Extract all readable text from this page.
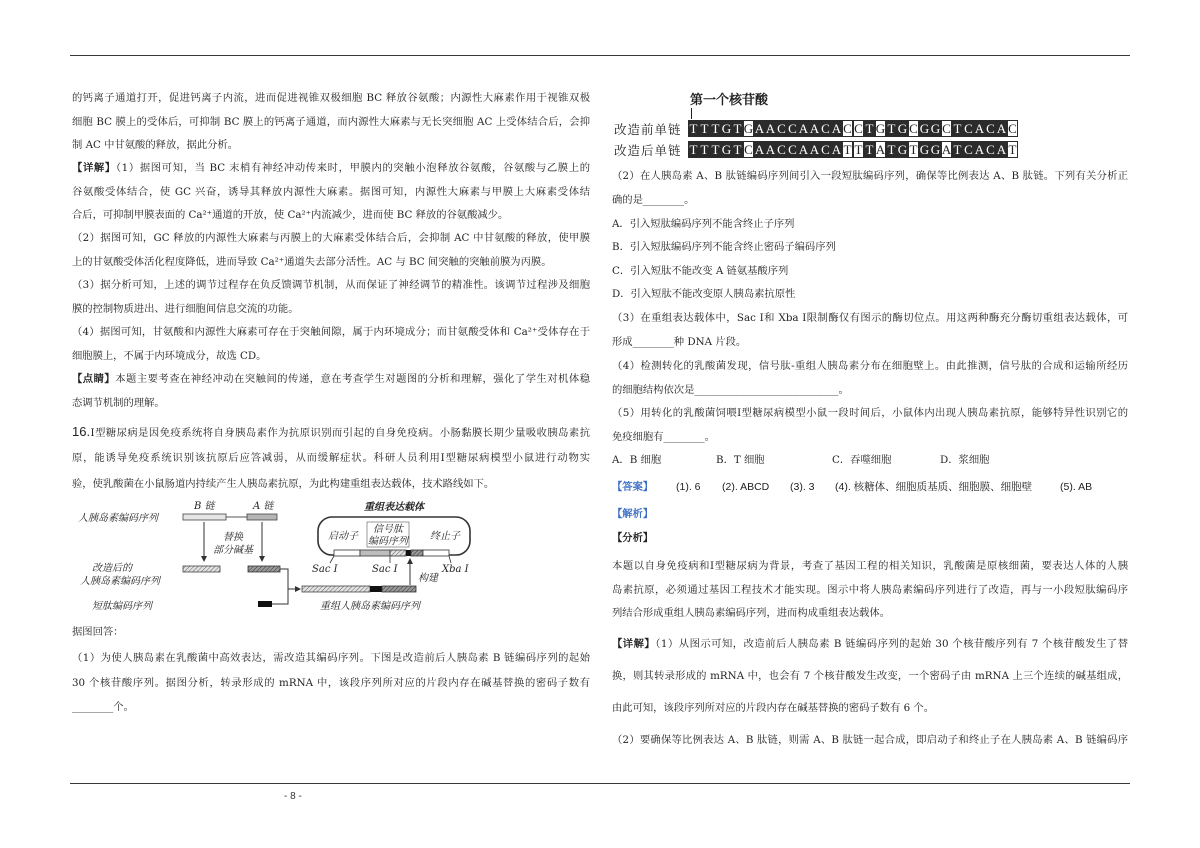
的钙离子通道打开，促进钙离子内流，进而促进视锥双极细胞 BC 释放谷氨酸；内源性大麻素作用于视锥双极
细胞 BC 膜上的受体后，可抑制 BC 膜上的钙离子通道，而内源性大麻素与无长突细胞 AC 上受体结合后，会抑
制 AC 中甘氨酸的释放，据此分析。
【详解】（1）据图可知，当 BC 末梢有神经冲动传来时，甲膜内的突触小泡释放谷氨酸，谷氨酸与乙膜上的
谷氨酸受体结合，使 GC 兴奋，诱导其释放内源性大麻素。据图可知，内源性大麻素与甲膜上大麻素受体结
合后，可抑制甲膜表面的 Ca²⁺通道的开放，使 Ca²⁺内流减少，进而使 BC 释放的谷氨酸减少。
（2）据图可知，GC 释放的内源性大麻素与丙膜上的大麻素受体结合后，会抑制 AC 中甘氨酸的释放，使甲膜
上的甘氨酸受体活化程度降低，进而导致 Ca²⁺通道失去部分活性。AC 与 BC 间突触的突触前膜为丙膜。
（3）据分析可知，上述的调节过程存在负反馈调节机制，从而保证了神经调节的精准性。该调节过程涉及细胞
膜的控制物质进出、进行细胞间信息交流的功能。
（4）据图可知，甘氨酸和内源性大麻素可存在于突触间隙，属于内环境成分；而甘氨酸受体和 Ca²⁺受体存在于
细胞膜上，不属于内环境成分，故选 CD。
【点睛】本题主要考查在神经冲动在突触间的传递，意在考查学生对题图的分析和理解，强化了学生对机体稳
态调节机制的理解。
16.Ⅰ型糖尿病是因免疫系统将自身胰岛素作为抗原识别而引起的自身免疫病。小肠黏膜长期少量吸收胰岛素抗
原，能诱导免疫系统识别该抗原后应答减弱，从而缓解症状。科研人员利用Ⅰ型糖尿病模型小鼠进行动物实
验，使乳酸菌在小鼠肠道内持续产生人胰岛素抗原，为此构建重组表达载体，技术路线如下。
人胰岛素编码序列
B 链	A 链
替换
部分碱基
改造后的
人胰岛素编码序列
短肽编码序列	重组人胰岛素编码序列
构建
重组表达载体
启动子
信号肽
编码序列 终止子
Sac Ⅰ	Sac Ⅰ	Xba Ⅰ
据图回答：
（1）为使人胰岛素在乳酸菌中高效表达，需改造其编码序列。下图是改造前后人胰岛素 B 链编码序列的起始
30 个核苷酸序列。据图分析，转录形成的 mRNA 中，该段序列所对应的片段内存在碱基替换的密码子数有
________个。
第一个核苷酸
改造前单链 T T T G T G A A C C A A C A C C T G T G C G G C T C A C A C
改造后单链 T T T G T C A A C C A A C A T T T A T G T G G A T C A C A T
（2）在人胰岛素 A、B 肽链编码序列间引入一段短肽编码序列，确保等比例表达 A、B 肽链。下列有关分析正
确的是________。
A．引入短肽编码序列不能含终止子序列
B．引入短肽编码序列不能含终止密码子编码序列
C．引入短肽不能改变 A 链氨基酸序列
D．引入短肽不能改变原人胰岛素抗原性
（3）在重组表达载体中，Sac Ⅰ和 Xba Ⅰ限制酶仅有图示的酶切位点。用这两种酶充分酶切重组表达载体，可
形成________种 DNA 片段。
（4）检测转化的乳酸菌发现，信号肽-重组人胰岛素分布在细胞壁上。由此推测，信号肽的合成和运输所经历
的细胞结构依次是____________________________。
（5）用转化的乳酸菌饲喂Ⅰ型糖尿病模型小鼠一段时间后，小鼠体内出现人胰岛素抗原，能够特异性识别它的
免疫细胞有________。
A．B 细胞	B．T 细胞	C．吞噬细胞	D．浆细胞
【答案】 (1). 6 (2). ABCD (3). 3 (4). 核糖体、细胞质基质、细胞膜、细胞壁	(5). AB
【解析】
【分析】
本题以自身免疫病和Ⅰ型糖尿病为背景，考查了基因工程的相关知识，乳酸菌是原核细菌，要表达人体的人胰
岛素抗原，必须通过基因工程技术才能实现。图示中将人胰岛素编码序列进行了改造，再与一小段短肽编码序
列结合形成重组人胰岛素编码序列，进而构成重组表达载体。
【详解】（1）从图示可知，改造前后人胰岛素 B 链编码序列的起始 30 个核苷酸序列有 7 个核苷酸发生了替
换，则其转录形成的 mRNA 中，也会有 7 个核苷酸发生改变，一个密码子由 mRNA 上三个连续的碱基组成，
由此可知，该段序列所对应的片段内存在碱基替换的密码子数有 6 个。
（2）要确保等比例表达 A、B 肽链，则需 A、B 肽链一起合成，即启动子和终止子在人胰岛素 A、B 链编码序
- 8 -
